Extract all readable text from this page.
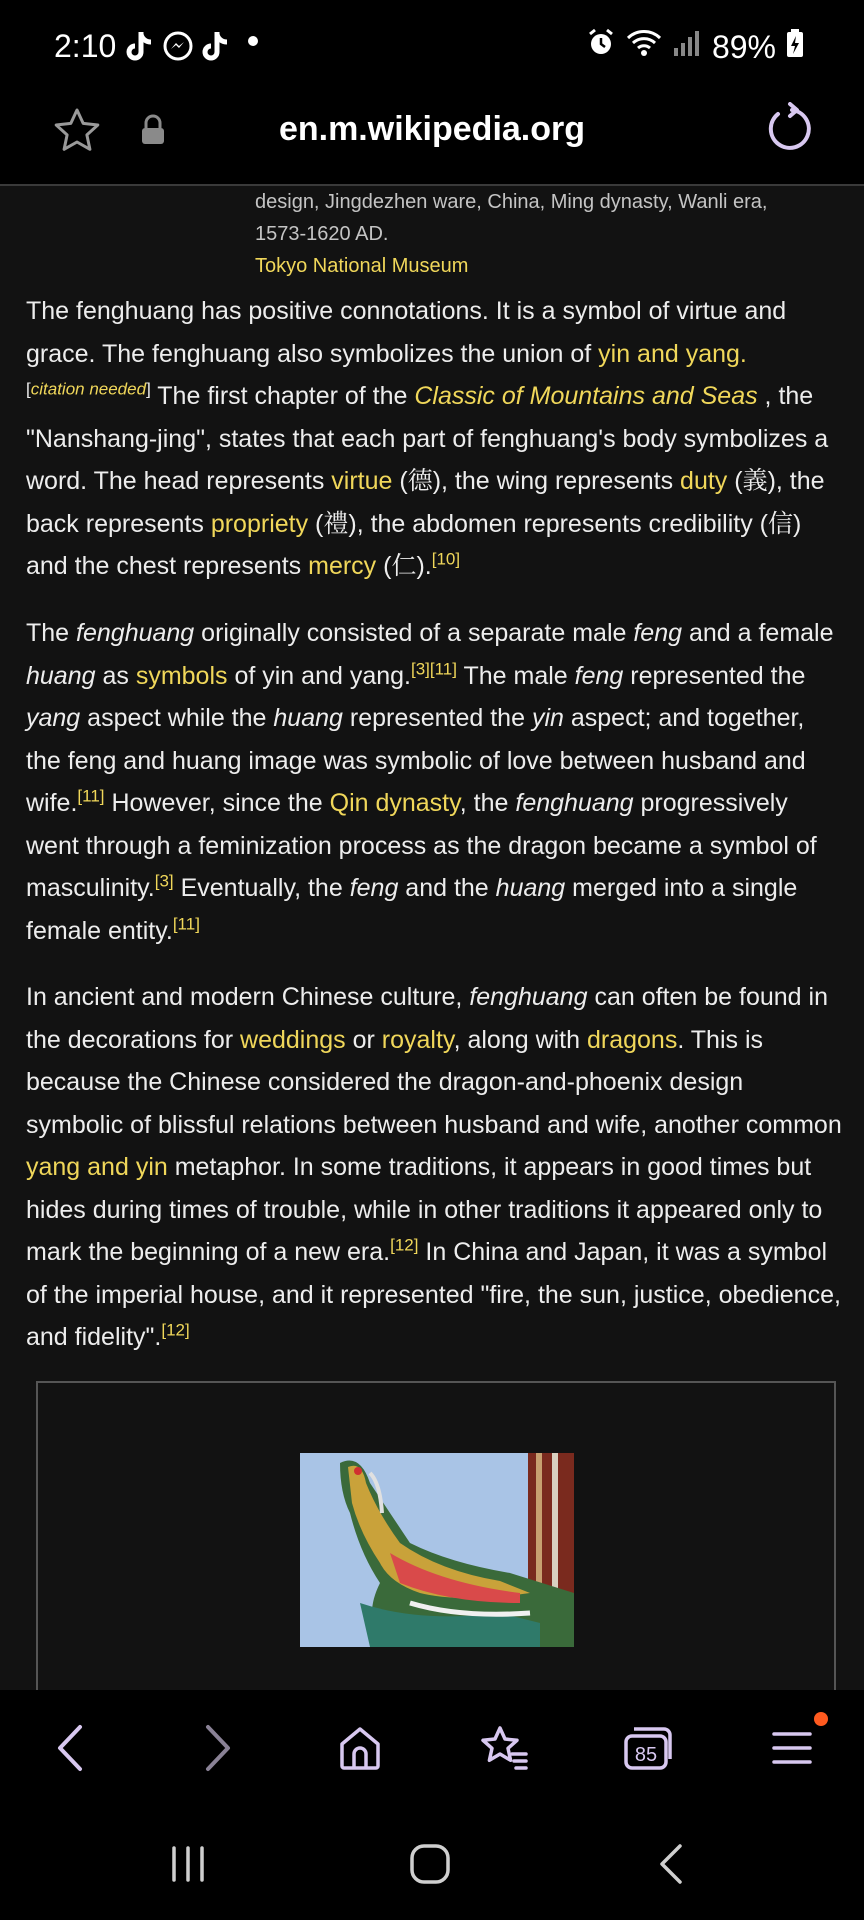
2:10	89%
en.m.wikipedia.org
design, Jingdezhen ware, China, Ming dynasty, Wanli era, 1573-1620 AD.
Tokyo National Museum

The fenghuang has positive connotations. It is a symbol of virtue and grace. The fenghuang also symbolizes the union of yin and yang.
[citation needed] The first chapter of the Classic of Mountains and Seas , the "Nanshang-jing", states that each part of fenghuang's body symbolizes a word. The head represents virtue (德), the wing represents duty (義), the back represents propriety (禮), the abdomen represents credibility (信) and the chest represents mercy (仁).[10]

The fenghuang originally consisted of a separate male feng and a female huang as symbols of yin and yang.[3][11] The male feng represented the yang aspect while the huang represented the yin aspect; and together, the feng and huang image was symbolic of love between husband and wife.[11] However, since the Qin dynasty, the fenghuang progressively went through a feminization process as the dragon became a symbol of masculinity.[3] Eventually, the feng and the huang merged into a single female entity.[11]

In ancient and modern Chinese culture, fenghuang can often be found in the decorations for weddings or royalty, along with dragons. This is because the Chinese considered the dragon-and-phoenix design symbolic of blissful relations between husband and wife, another common yang and yin metaphor. In some traditions, it appears in good times but hides during times of trouble, while in other traditions it appeared only to mark the beginning of a new era.[12] In China and Japan, it was a symbol of the imperial house, and it represented "fire, the sun, justice, obedience, and fidelity".[12]

85
